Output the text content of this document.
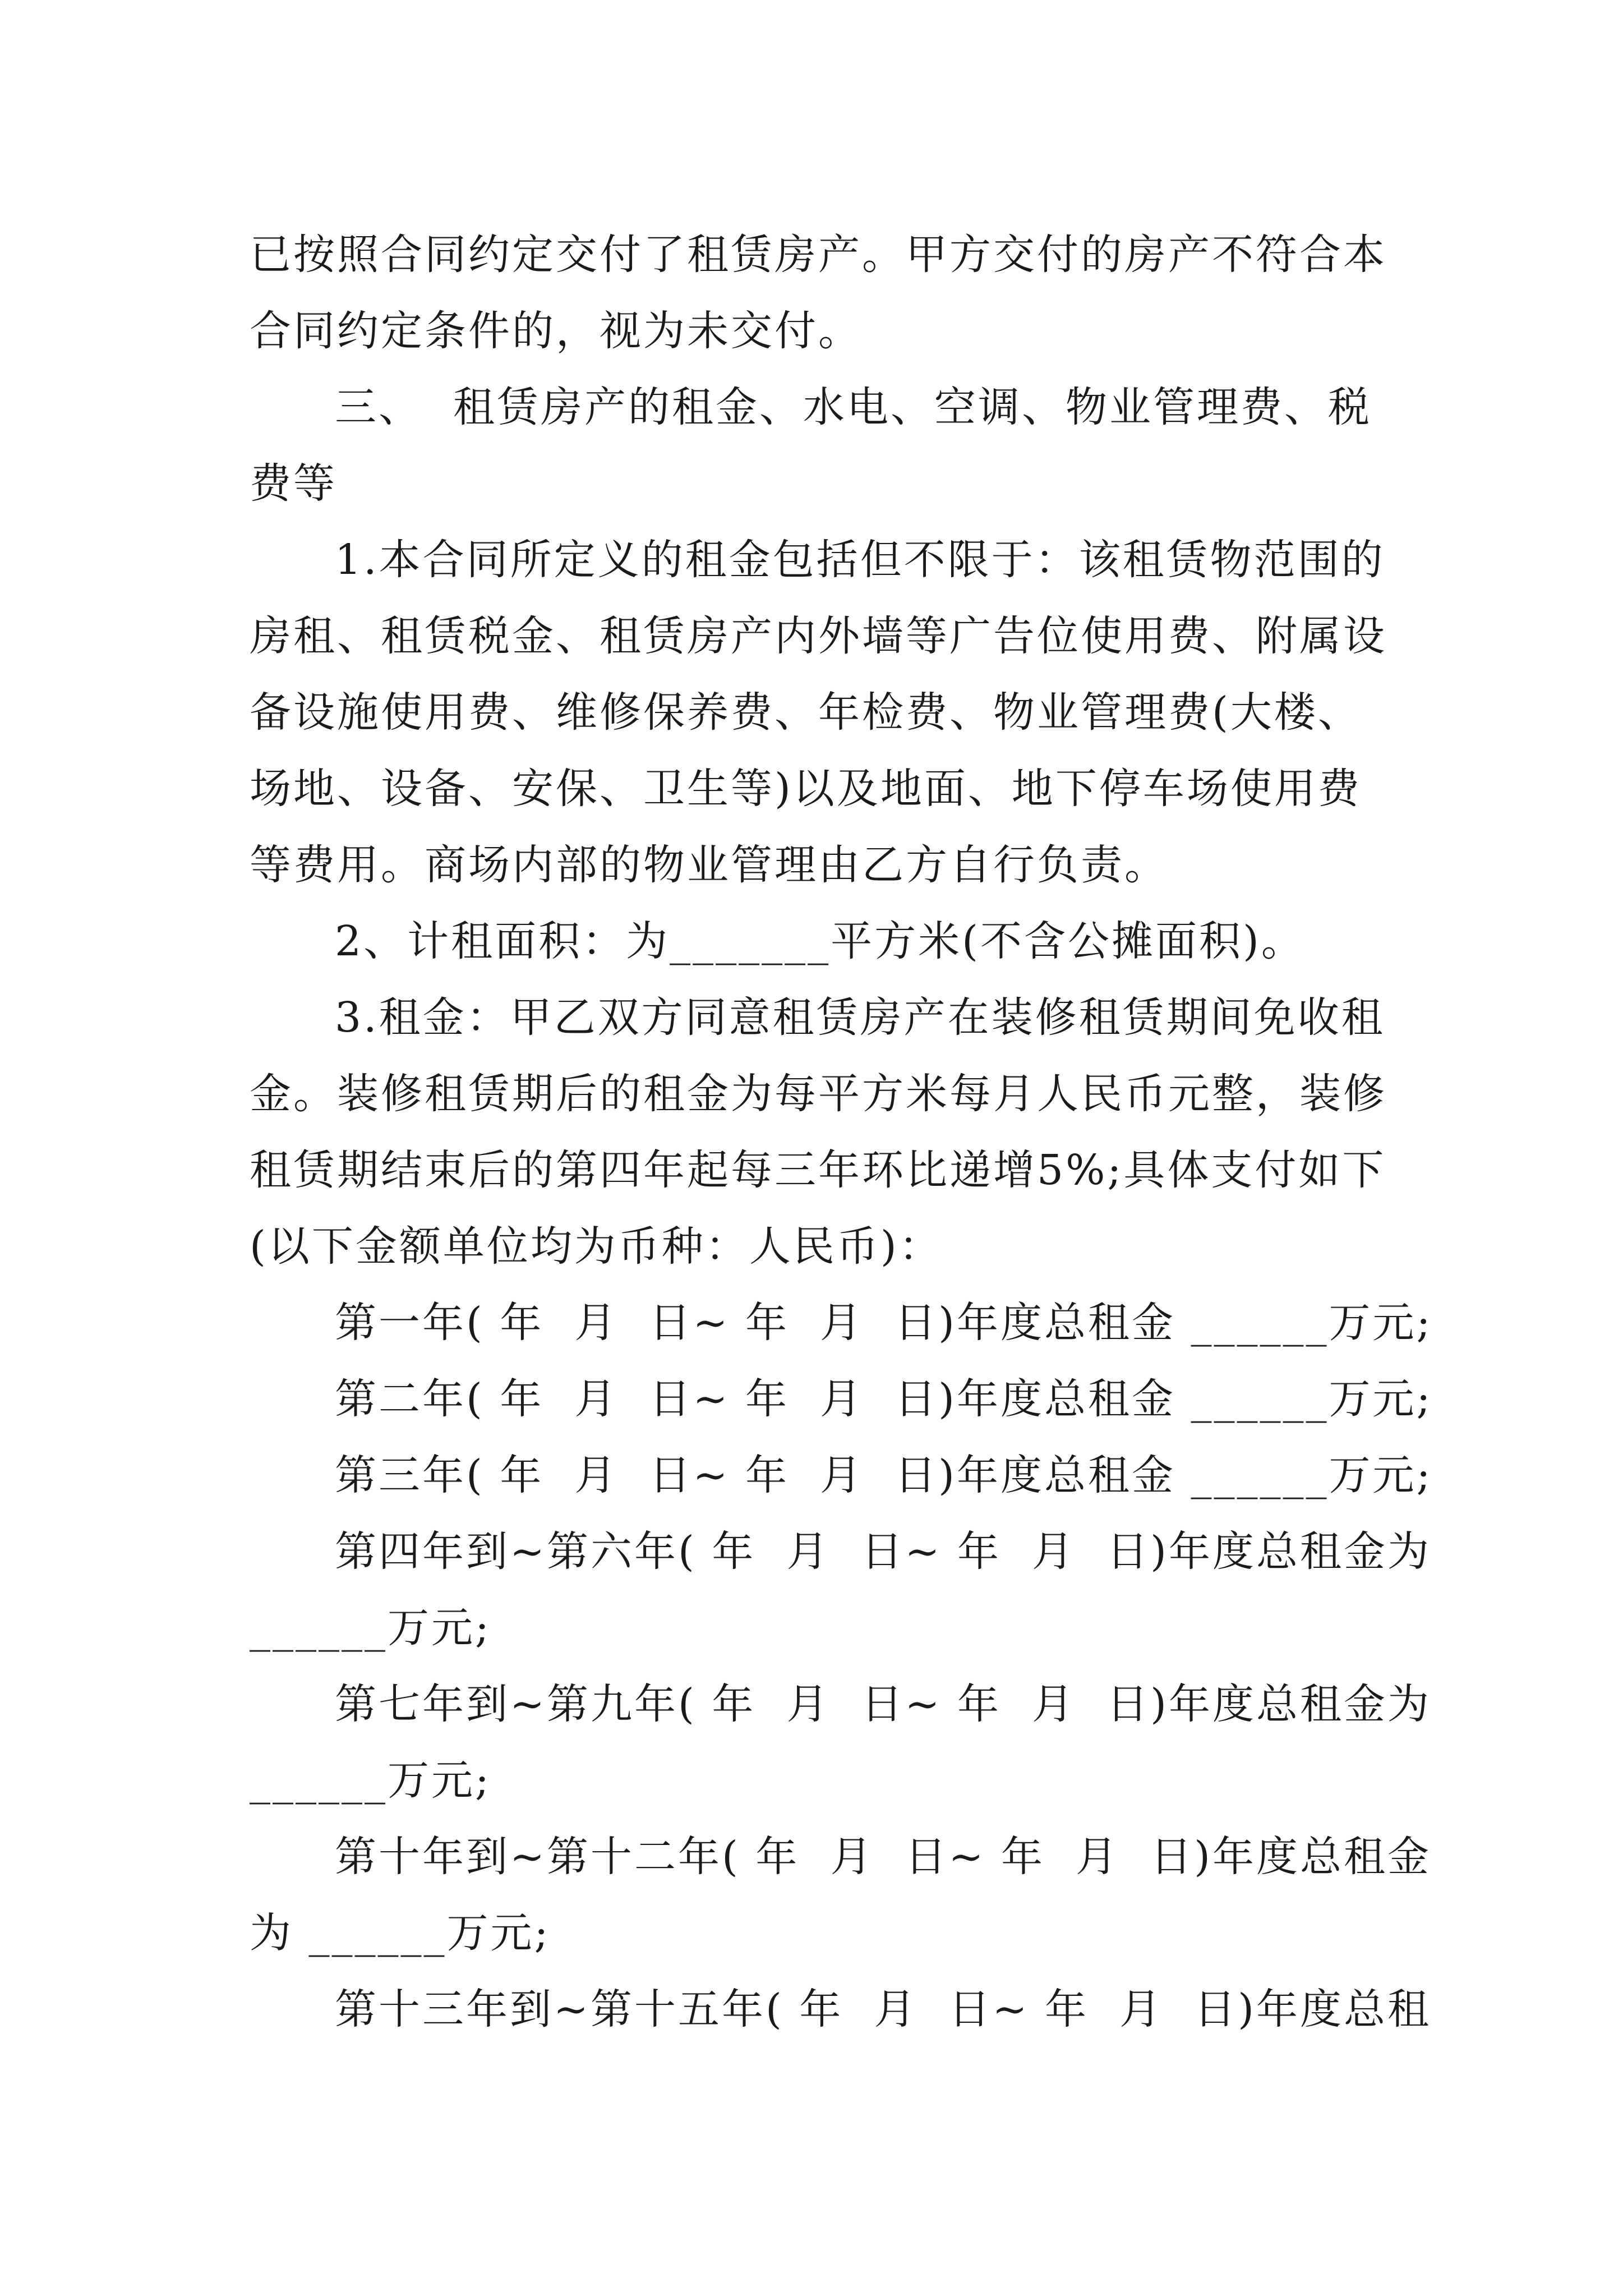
已按照合同约定交付了租赁房产。甲方交付的房产不符合本
合同约定条件的，视为未交付。
三、  租赁房产的租金、水电、空调、物业管理费、税
费等
1.本合同所定义的租金包括但不限于：该租赁物范围的
房租、租赁税金、租赁房产内外墙等广告位使用费、附属设
备设施使用费、维修保养费、年检费、物业管理费(大楼、
场地、设备、安保、卫生等)以及地面、地下停车场使用费
等费用。商场内部的物业管理由乙方自行负责。
2、计租面积：为_______平方米(不含公摊面积)。
3.租金：甲乙双方同意租赁房产在装修租赁期间免收租
金。装修租赁期后的租金为每平方米每月人民币元整，装修
租赁期结束后的第四年起每三年环比递增5%;具体支付如下
(以下金额单位均为币种：人民币)：
第一年( 年  月  日~ 年  月  日)年度总租金 ______万元;
第二年( 年  月  日~ 年  月  日)年度总租金 ______万元;
第三年( 年  月  日~ 年  月  日)年度总租金 ______万元;
第四年到~第六年( 年  月  日~ 年  月  日)年度总租金为
______万元;
第七年到~第九年( 年  月  日~ 年  月  日)年度总租金为
______万元;
第十年到~第十二年( 年  月  日~ 年  月  日)年度总租金
为 ______万元;
第十三年到~第十五年( 年  月  日~ 年  月  日)年度总租
